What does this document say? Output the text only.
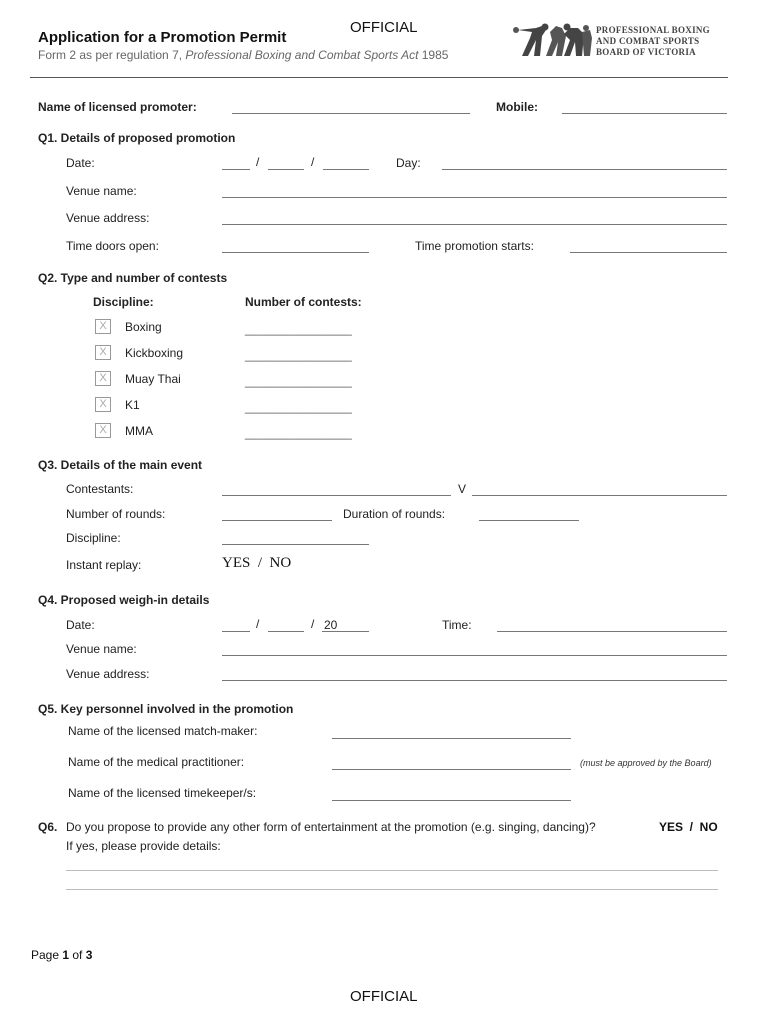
OFFICIAL
Application for a Promotion Permit
Form 2 as per regulation 7, Professional Boxing and Combat Sports Act 1985
PROFESSIONAL BOXING
AND COMBAT SPORTS
BOARD OF VICTORIA
Name of licensed promoter:	Mobile:
Q1. Details of proposed promotion
Date:	/	/	Day:
Venue name:
Venue address:
Time doors open:	Time promotion starts:
Q2. Type and number of contests
Discipline:	Number of contests:
X	Boxing	________________
X	Kickboxing	________________
X	Muay Thai	________________
X	K1	________________
X	MMA	________________
Q3. Details of the main event
Contestants:	V
Number of rounds:	Duration of rounds:
Discipline:
Instant replay:	YES  /  NO
Q4. Proposed weigh-in details
Date:	/	/ 20	Time:
Venue name:
Venue address:
Q5. Key personnel involved in the promotion
Name of the licensed match-maker:
Name of the medical practitioner:	(must be approved by the Board)
Name of the licensed timekeeper/s:
Q6. Do you propose to provide any other form of entertainment at the promotion (e.g. singing, dancing)?	YES  /  NO
If yes, please provide details:
Page 1 of 3
OFFICIAL
